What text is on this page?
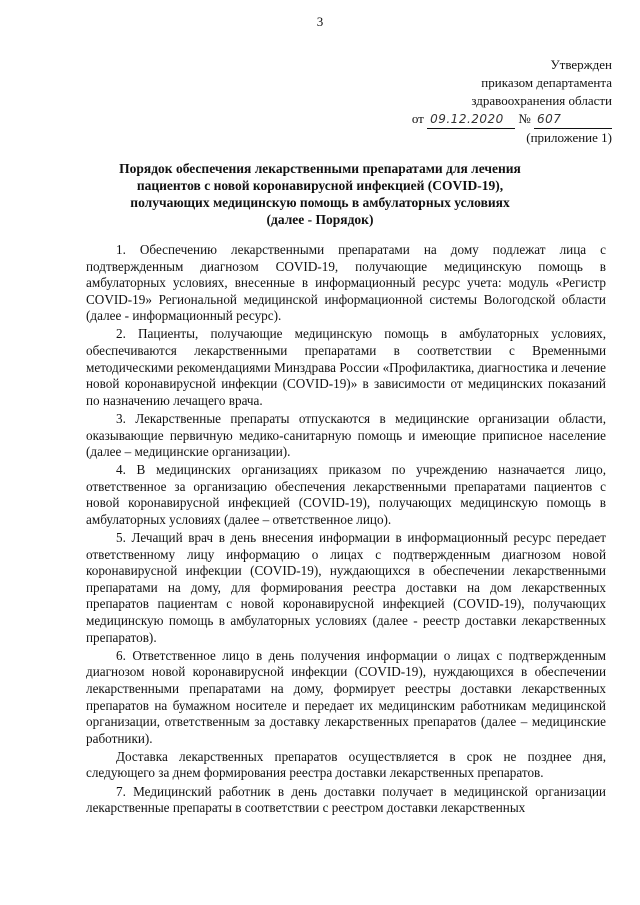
3
Утвержден
приказом департамента
здравоохранения области
от 09.12.2020 № 607
(приложение 1)
Порядок обеспечения лекарственными препаратами для лечения
пациентов с новой коронавирусной инфекцией (COVID-19),
получающих медицинскую помощь в амбулаторных условиях
(далее - Порядок)

1. Обеспечению лекарственными препаратами на дому подлежат лица с подтвержденным диагнозом COVID-19, получающие медицинскую помощь в амбулаторных условиях, внесенные в информационный ресурс учета: модуль «Регистр COVID-19» Региональной медицинской информационной системы Вологодской области (далее - информационный ресурс).

2. Пациенты, получающие медицинскую помощь в амбулаторных условиях, обеспечиваются лекарственными препаратами в соответствии с Временными методическими рекомендациями Минздрава России «Профилактика, диагностика и лечение новой коронавирусной инфекции (COVID-19)» в зависимости от медицинских показаний по назначению лечащего врача.

3. Лекарственные препараты отпускаются в медицинские организации области, оказывающие первичную медико-санитарную помощь и имеющие приписное население (далее – медицинские организации).

4. В медицинских организациях приказом по учреждению назначается лицо, ответственное за организацию обеспечения лекарственными препаратами пациентов с новой коронавирусной инфекцией (COVID-19), получающих медицинскую помощь в амбулаторных условиях (далее – ответственное лицо).

5. Лечащий врач в день внесения информации в информационный ресурс передает ответственному лицу информацию о лицах с подтвержденным диагнозом новой коронавирусной инфекции (COVID-19), нуждающихся в обеспечении лекарственными препаратами на дому, для формирования реестра доставки на дом лекарственных препаратов пациентам с новой коронавирусной инфекцией (COVID-19), получающих медицинскую помощь в амбулаторных условиях (далее - реестр доставки лекарственных препаратов).

6. Ответственное лицо в день получения информации о лицах с подтвержденным диагнозом новой коронавирусной инфекции (COVID-19), нуждающихся в обеспечении лекарственными препаратами на дому, формирует реестры доставки лекарственных препаратов на бумажном носителе и передает их медицинским работникам медицинской организации, ответственным за доставку лекарственных препаратов (далее – медицинские работники).

Доставка лекарственных препаратов осуществляется в срок не позднее дня, следующего за днем формирования реестра доставки лекарственных препаратов.

7. Медицинский работник в день доставки получает в медицинской организации лекарственные препараты в соответствии с реестром доставки лекарственных
